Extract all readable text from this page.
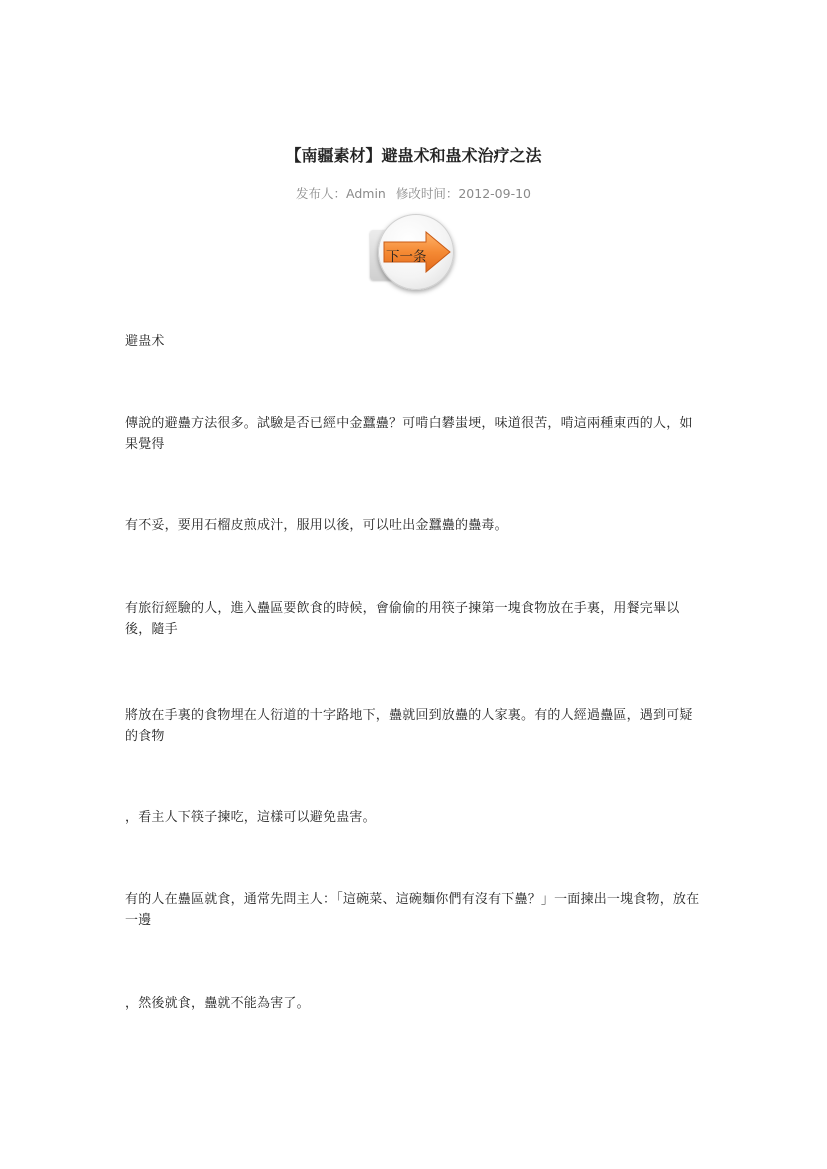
【南疆素材】避蛊术和蛊术治疗之法
发布人：Admin 修改时间：2012-09-10
下一条

避蛊术

傳說的避蠱方法很多。試驗是否已經中金蠶蠱？可啃白礬蚩埂，味道很苦，啃這兩種東西的人，如果覺得

有不妥，要用石榴皮煎成汁，服用以後，可以吐出金蠶蠱的蠱毒。

有旅衍經驗的人，進入蠱區要飲食的時候，會偷偷的用筷子揀第一塊食物放在手裏，用餐完畢以後，隨手

將放在手裏的食物埋在人衍道的十字路地下，蠱就回到放蠱的人家裏。有的人經過蠱區，遇到可疑的食物

，看主人下筷子揀吃，這樣可以避免蛊害。

有的人在蠱區就食，通常先問主人：「這碗菜、這碗麵你們有沒有下蠱？」一面揀出一塊食物，放在一邊

，然後就食，蠱就不能為害了。
